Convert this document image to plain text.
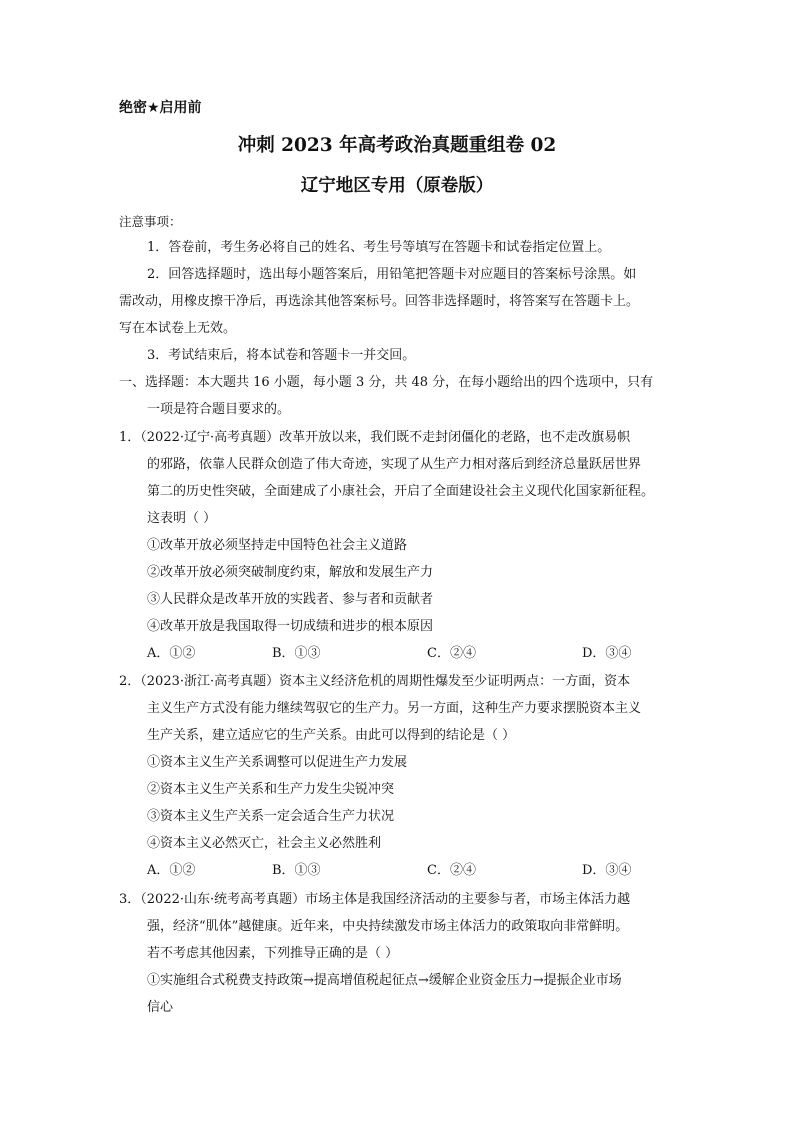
绝密★启用前
冲刺 2023 年高考政治真题重组卷 02
辽宁地区专用（原卷版）
注意事项：
1．答卷前，考生务必将自己的姓名、考生号等填写在答题卡和试卷指定位置上。
2．回答选择题时，选出每小题答案后，用铅笔把答题卡对应题目的答案标号涂黑。如
需改动，用橡皮擦干净后，再选涂其他答案标号。回答非选择题时，将答案写在答题卡上。
写在本试卷上无效。
3．考试结束后，将本试卷和答题卡一并交回。
一、选择题：本大题共 16 小题，每小题 3 分，共 48 分，在每小题给出的四个选项中，只有
一项是符合题目要求的。
1．（2022·辽宁·高考真题）改革开放以来，我们既不走封闭僵化的老路，也不走改旗易帜
的邪路，依靠人民群众创造了伟大奇迹，实现了从生产力相对落后到经济总量跃居世界
第二的历史性突破，全面建成了小康社会，开启了全面建设社会主义现代化国家新征程。
这表明（ ）
①改革开放必须坚持走中国特色社会主义道路
②改革开放必须突破制度约束，解放和发展生产力
③人民群众是改革开放的实践者、参与者和贡献者
④改革开放是我国取得一切成绩和进步的根本原因
A．①②	B．①③	C．②④	D．③④
2．（2023·浙江·高考真题）资本主义经济危机的周期性爆发至少证明两点：一方面，资本
主义生产方式没有能力继续驾驭它的生产力。另一方面，这种生产力要求摆脱资本主义
生产关系，建立适应它的生产关系。由此可以得到的结论是（ ）
①资本主义生产关系调整可以促进生产力发展
②资本主义生产关系和生产力发生尖锐冲突
③资本主义生产关系一定会适合生产力状况
④资本主义必然灭亡，社会主义必然胜利
A．①②	B．①③	C．②④	D．③④
3．（2022·山东·统考高考真题）市场主体是我国经济活动的主要参与者，市场主体活力越
强，经济“肌体”越健康。近年来，中央持续激发市场主体活力的政策取向非常鲜明。
若不考虑其他因素，下列推导正确的是（ ）
①实施组合式税费支持政策→提高增值税起征点→缓解企业资金压力→提振企业市场
信心
